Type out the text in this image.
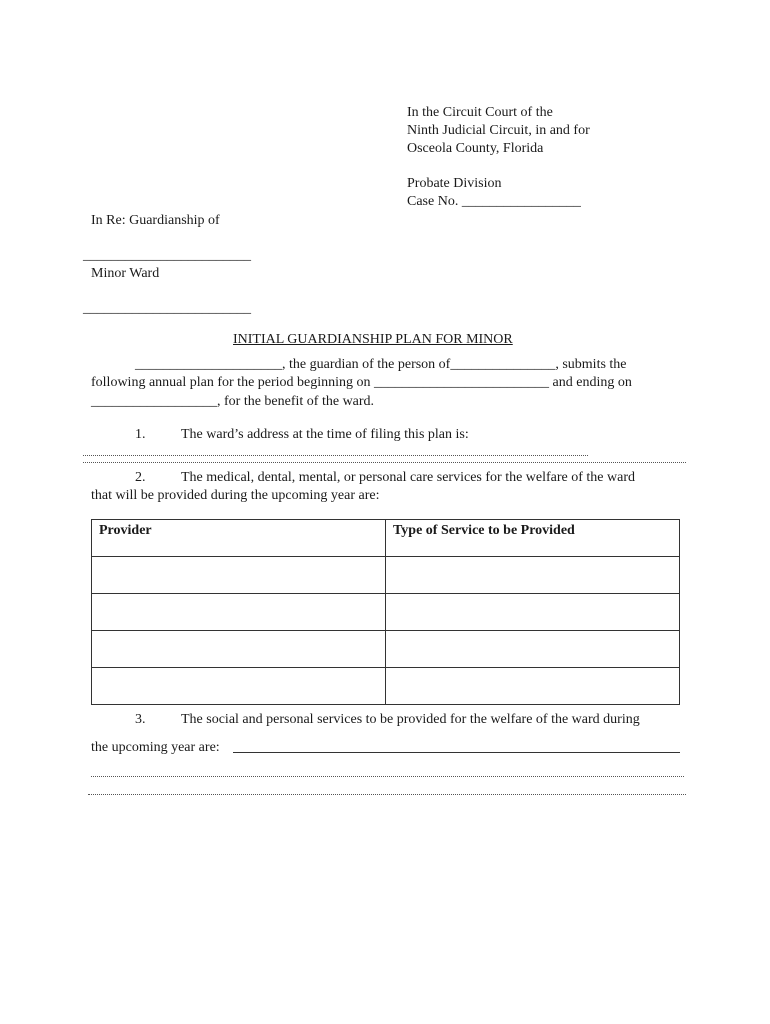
In the Circuit Court of the
Ninth Judicial Circuit, in and for
Osceola County, Florida
Probate Division
Case No. _________________
In Re: Guardianship of
________________________
Minor Ward
________________________
INITIAL GUARDIANSHIP PLAN FOR MINOR
_____________________, the guardian of the person of_______________, submits the
following annual plan for the period beginning on _________________________ and ending on
__________________, for the benefit of the ward.
1.	The ward’s address at the time of filing this plan is:
2.	The medical, dental, mental, or personal care services for the welfare of the ward
that will be provided during the upcoming year are:
Provider	Type of Service to be Provided

3.	The social and personal services to be provided for the welfare of the ward during
the upcoming year are:
